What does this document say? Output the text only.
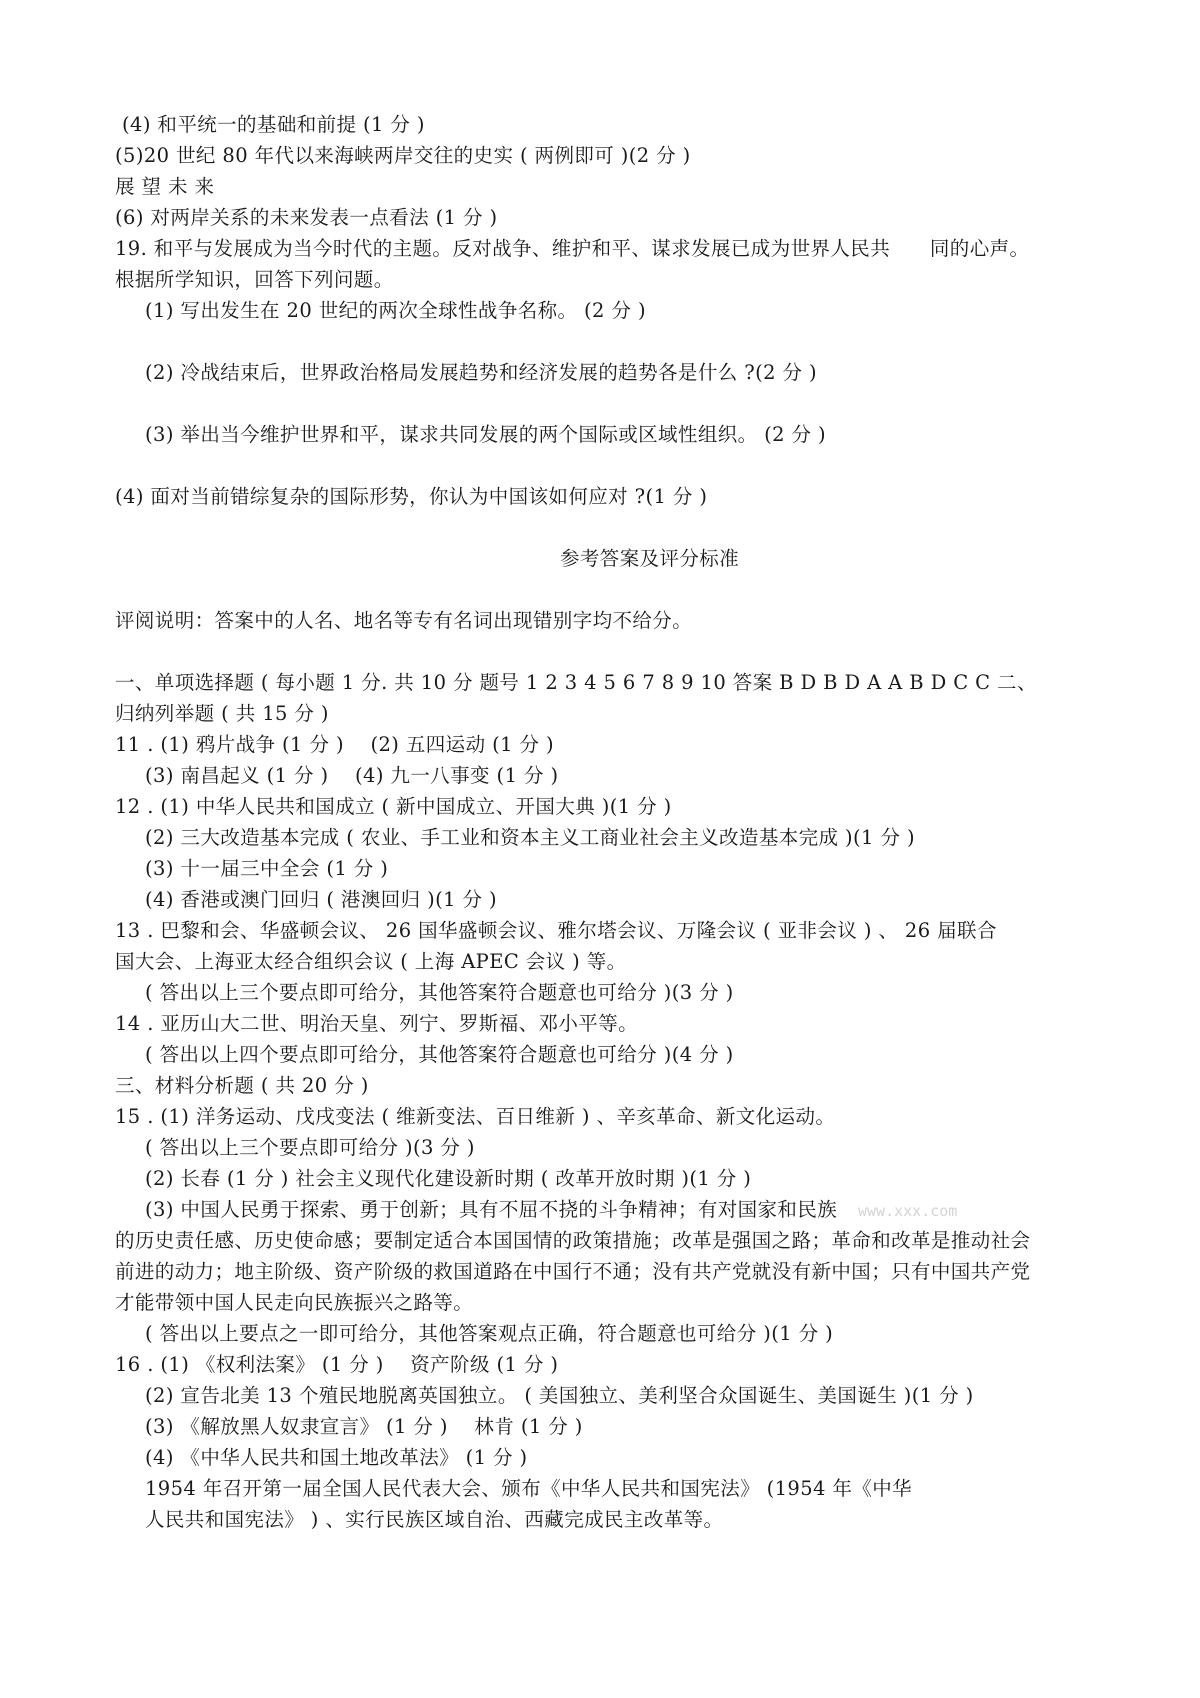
(4) 和平统一的基础和前提 (1 分 )
(5)20 世纪 80 年代以来海峡两岸交往的史实 ( 两例即可 )(2 分 )
展 望 未 来
(6) 对两岸关系的未来发表一点看法 (1 分 )
19. 和平与发展成为当今时代的主题。反对战争、维护和平、谋求发展已成为世界人民共　　同的心声。
根据所学知识，回答下列问题。
(1) 写出发生在 20 世纪的两次全球性战争名称。 (2 分 )
(2) 冷战结束后，世界政治格局发展趋势和经济发展的趋势各是什么 ?(2 分 )
(3) 举出当今维护世界和平，谋求共同发展的两个国际或区域性组织。 (2 分 )
(4) 面对当前错综复杂的国际形势，你认为中国该如何应对 ?(1 分 )
参考答案及评分标准
评阅说明：答案中的人名、地名等专有名词出现错别字均不给分。
一、单项选择题 ( 每小题 1 分. 共 10 分 题号 1 2 3 4 5 6 7 8 9 10 答案 B D B D A A B D C C 二、
归纳列举题 ( 共 15 分 )
11 . (1) 鸦片战争 (1 分 )　 (2) 五四运动 (1 分 )
(3) 南昌起义 (1 分 )　 (4) 九一八事变 (1 分 )
12 . (1) 中华人民共和国成立 ( 新中国成立、开国大典 )(1 分 )
(2) 三大改造基本完成 ( 农业、手工业和资本主义工商业社会主义改造基本完成 )(1 分 )
(3) 十一届三中全会 (1 分 )
(4) 香港或澳门回归 ( 港澳回归 )(1 分 )
13 . 巴黎和会、华盛顿会议、 26 国华盛顿会议、雅尔塔会议、万隆会议 ( 亚非会议 ) 、 26 届联合
国大会、上海亚太经合组织会议 ( 上海 APEC 会议 ) 等。
( 答出以上三个要点即可给分，其他答案符合题意也可给分 )(3 分 )
14 . 亚历山大二世、明治天皇、列宁、罗斯福、邓小平等。
( 答出以上四个要点即可给分，其他答案符合题意也可给分 )(4 分 )
三、材料分析题 ( 共 20 分 )
15 . (1) 洋务运动、戊戌变法 ( 维新变法、百日维新 ) 、辛亥革命、新文化运动。
( 答出以上三个要点即可给分 )(3 分 )
(2) 长春 (1 分 ) 社会主义现代化建设新时期 ( 改革开放时期 )(1 分 )
(3) 中国人民勇于探索、勇于创新；具有不屈不挠的斗争精神；有对国家和民族
的历史责任感、历史使命感；要制定适合本国国情的政策措施；改革是强国之路；革命和改革是推动社会
前进的动力；地主阶级、资产阶级的救国道路在中国行不通；没有共产党就没有新中国；只有中国共产党
才能带领中国人民走向民族振兴之路等。
( 答出以上要点之一即可给分，其他答案观点正确，符合题意也可给分 )(1 分 )
16 . (1) 《权利法案》 (1 分 )　 资产阶级 (1 分 )
(2) 宣告北美 13 个殖民地脱离英国独立。 ( 美国独立、美利坚合众国诞生、美国诞生 )(1 分 )
(3) 《解放黑人奴隶宣言》 (1 分 )　 林肯 (1 分 )
(4) 《中华人民共和国土地改革法》 (1 分 )
1954 年召开第一届全国人民代表大会、颁布《中华人民共和国宪法》 (1954 年《中华
人民共和国宪法》 ) 、实行民族区域自治、西藏完成民主改革等。
www.xxx.com
